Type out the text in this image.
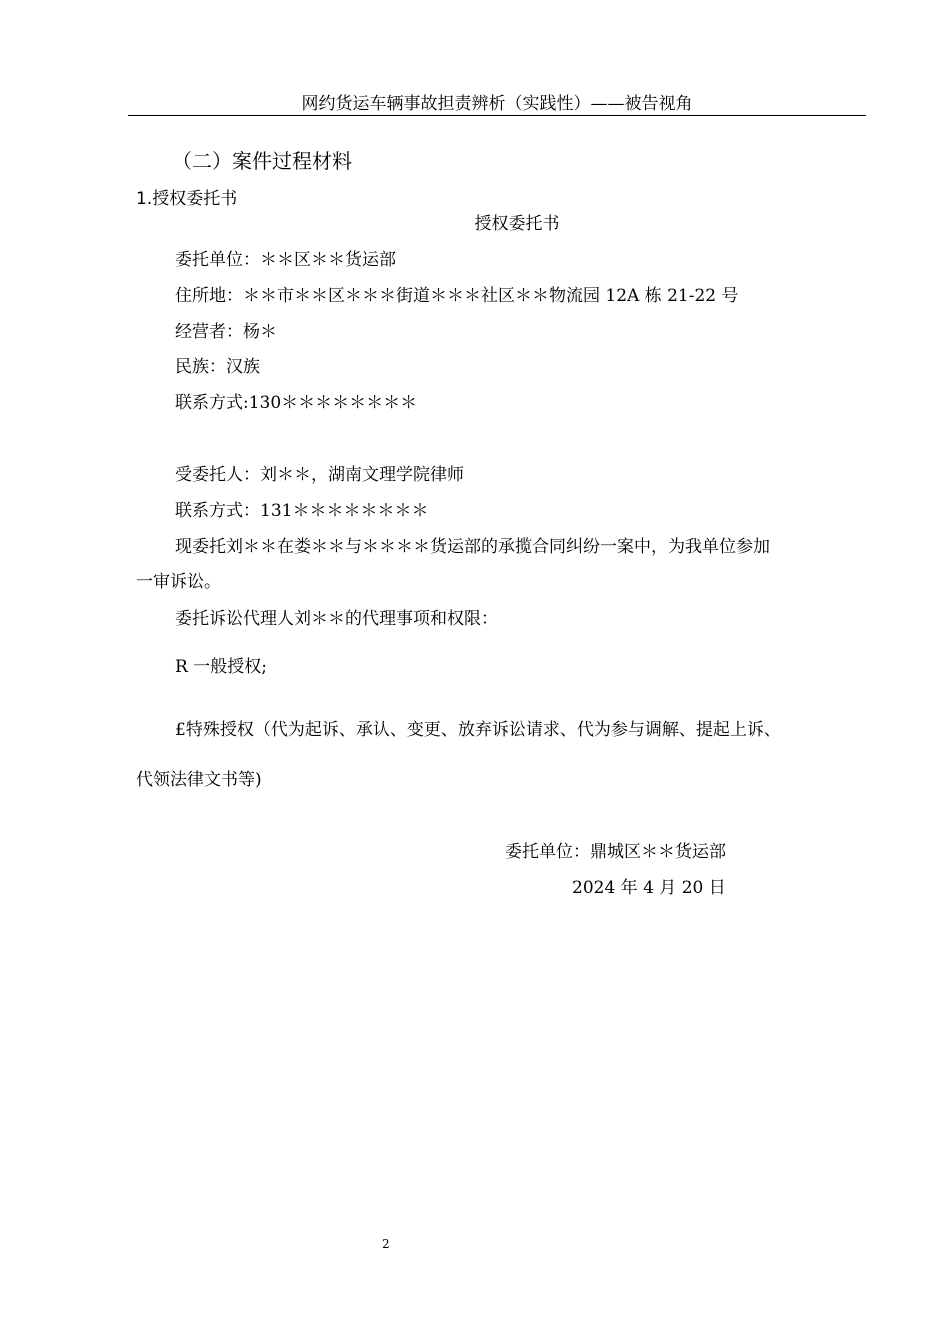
网约货运车辆事故担责辨析（实践性）——被告视角
（二）案件过程材料
1.授权委托书
授权委托书
委托单位：＊＊区＊＊货运部
住所地：＊＊市＊＊区＊＊＊街道＊＊＊社区＊＊物流园 12A 栋 21-22 号
经营者：杨＊
民族：汉族
联系方式:130＊＊＊＊＊＊＊＊
受委托人：刘＊＊，湖南文理学院律师
联系方式：131＊＊＊＊＊＊＊＊
现委托刘＊＊在娄＊＊与＊＊＊＊货运部的承揽合同纠纷一案中，为我单位参加
一审诉讼。
委托诉讼代理人刘＊＊的代理事项和权限：
R 一般授权;
£特殊授权（代为起诉、承认、变更、放弃诉讼请求、代为参与调解、提起上诉、
代领法律文书等)
委托单位：鼎城区＊＊货运部
2024 年 4 月 20 日
2
